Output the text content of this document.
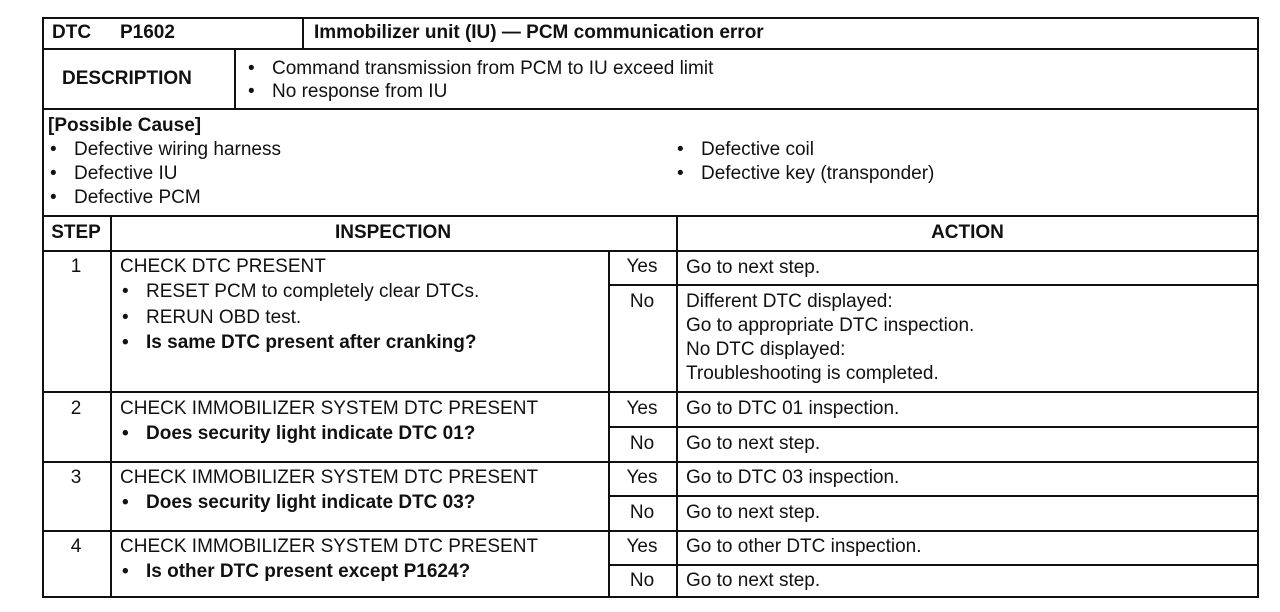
DTC P1602	Immobilizer unit (IU) — PCM communication error
DESCRIPTION
•	Command transmission from PCM to IU exceed limit
• No response from IU
[Possible Cause]
• Defective wiring harness
• Defective IU
• Defective PCM
• Defective coil
• Defective key (transponder)
STEP	INSPECTION	ACTION
1	CHECK DTC PRESENT
• RESET PCM to completely clear DTCs.
• RERUN OBD test.
• Is same DTC present after cranking?
Yes	Go to next step.
No	Different DTC displayed:
Go to appropriate DTC inspection.
No DTC displayed:
Troubleshooting is completed.
2	CHECK IMMOBILIZER SYSTEM DTC PRESENT
• Does security light indicate DTC 01?
Yes	Go to DTC 01 inspection.
No	Go to next step.
3	CHECK IMMOBILIZER SYSTEM DTC PRESENT
• Does security light indicate DTC 03?
Yes	Go to DTC 03 inspection.
No	Go to next step.
4	CHECK IMMOBILIZER SYSTEM DTC PRESENT
• Is other DTC present except P1624?
Yes	Go to other DTC inspection.
No	Go to next step.
